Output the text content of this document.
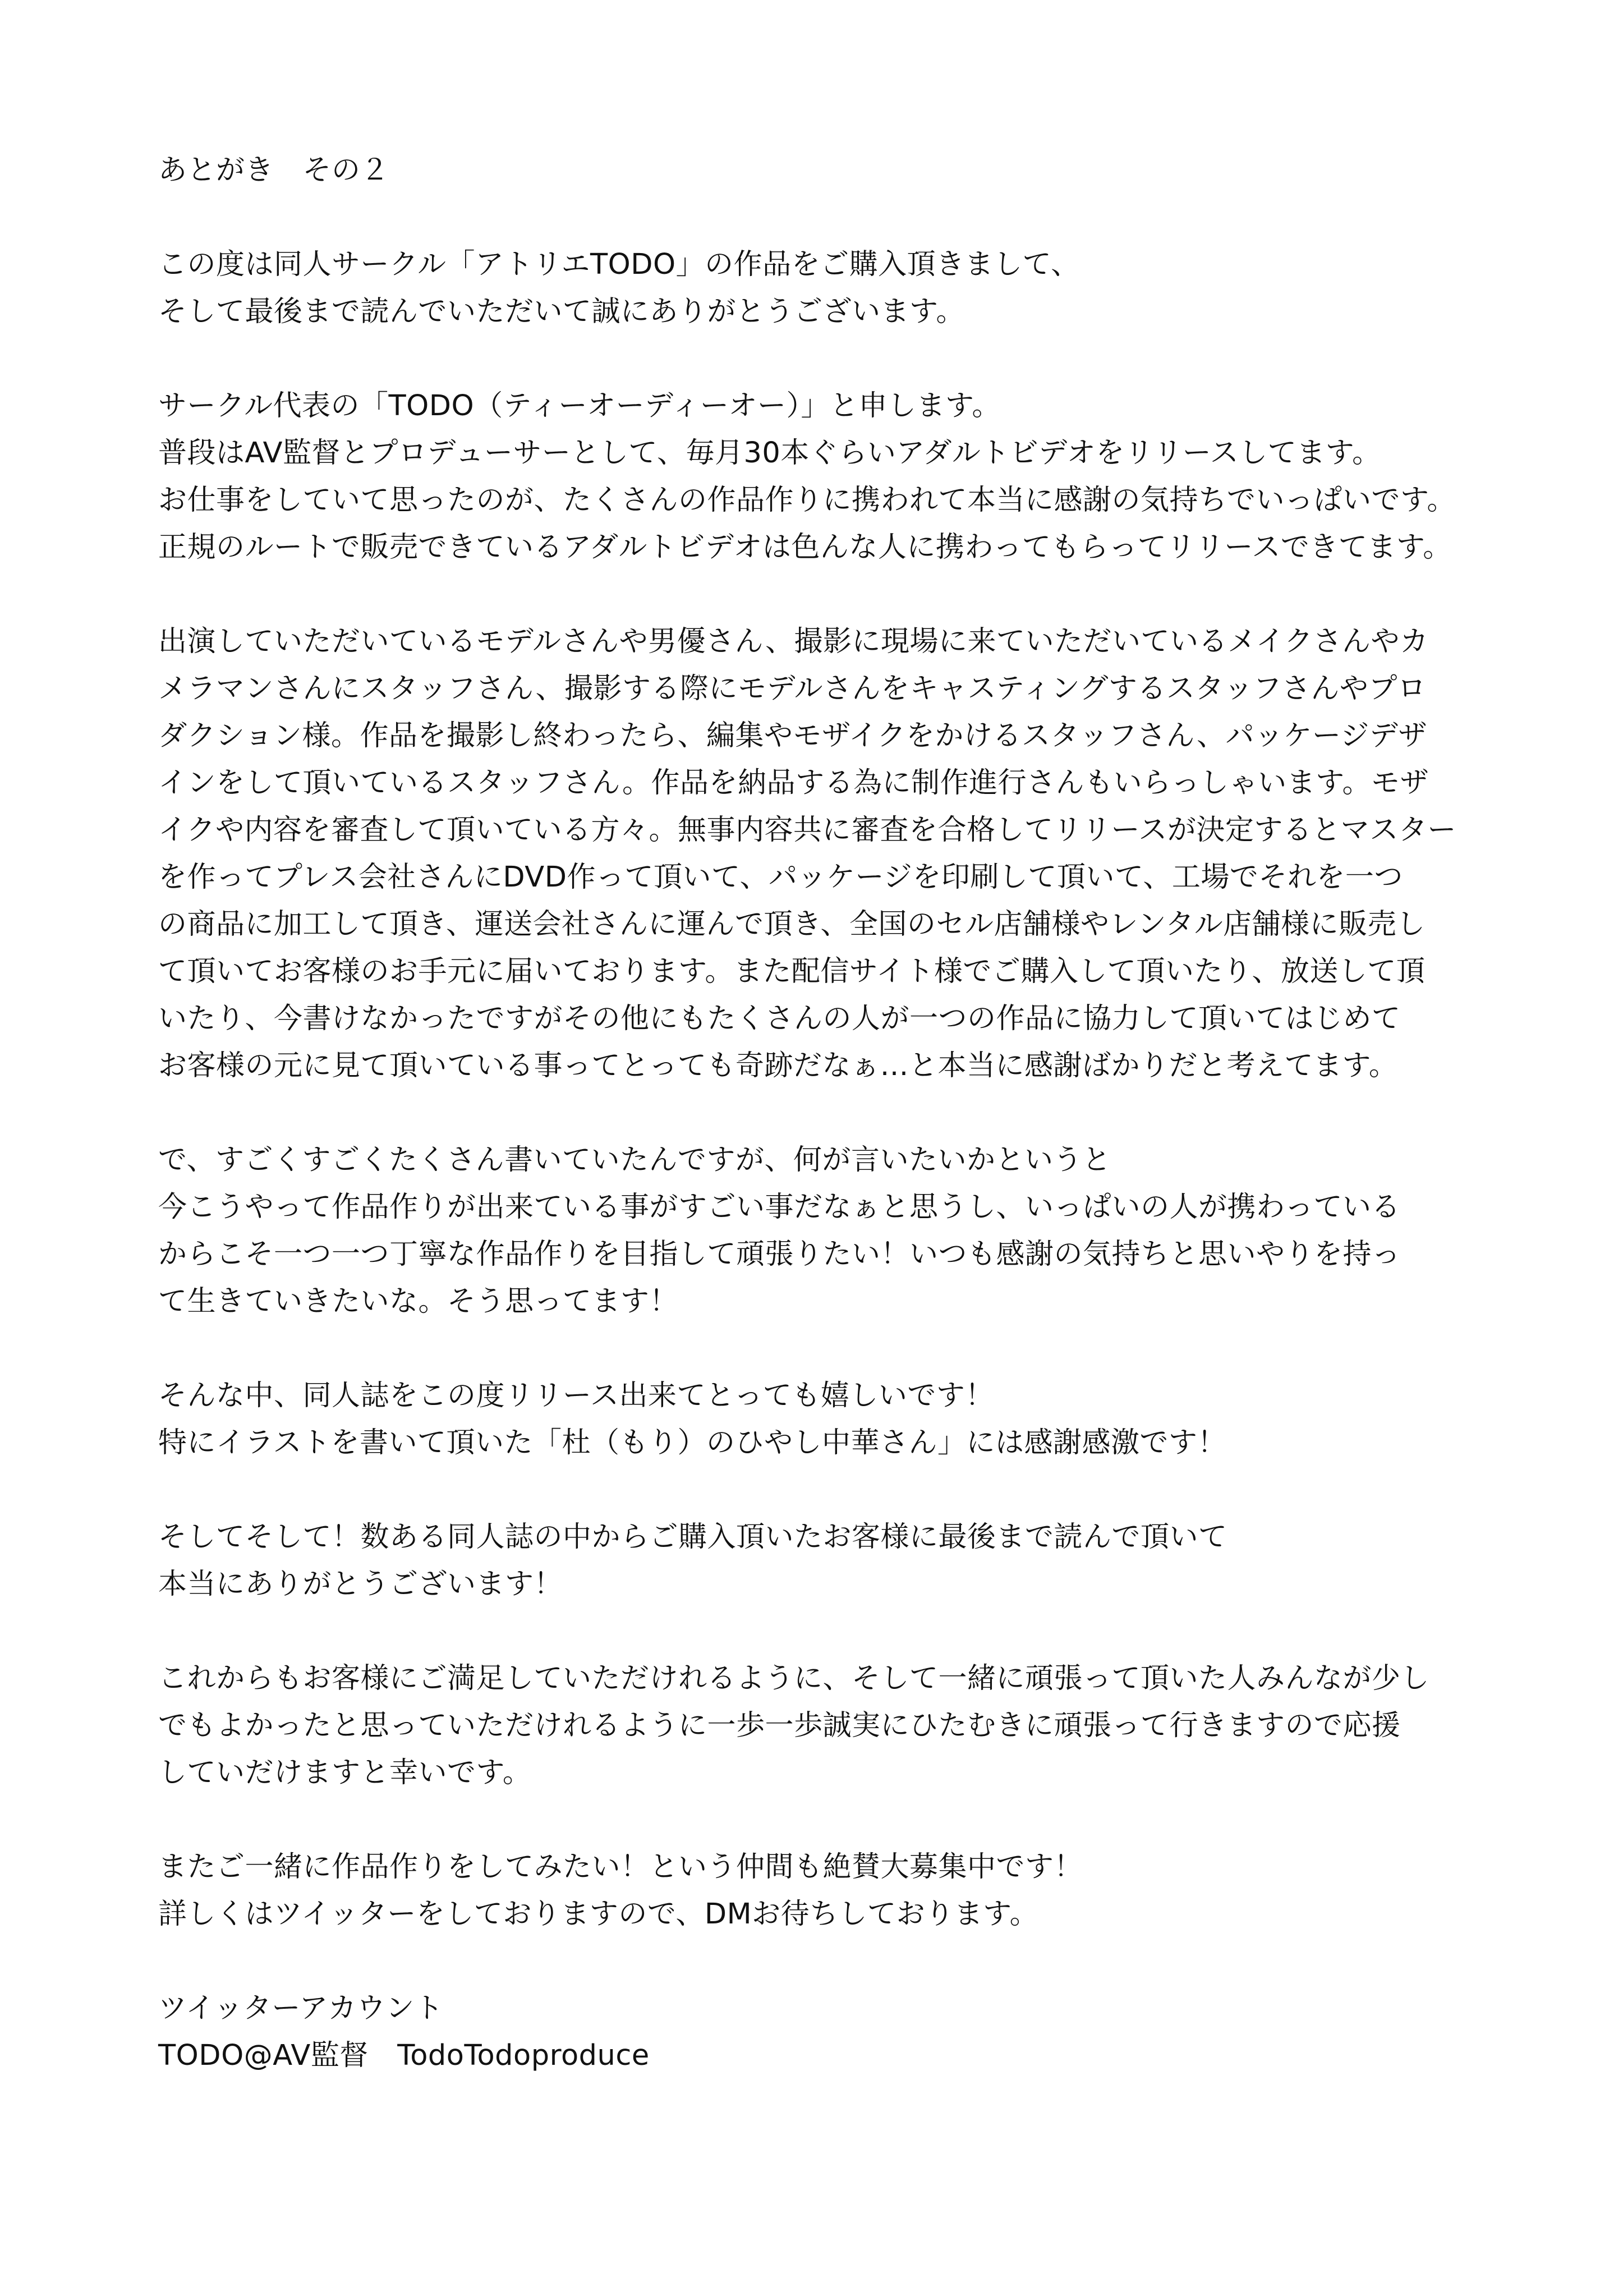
あとがき　その２
この度は同人サークル「アトリエTODO」の作品をご購入頂きまして、
そして最後まで読んでいただいて誠にありがとうございます。
サークル代表の「TODO（ティーオーディーオー）」と申します。
普段はAV監督とプロデューサーとして、毎月30本ぐらいアダルトビデオをリリースしてます。
お仕事をしていて思ったのが、たくさんの作品作りに携われて本当に感謝の気持ちでいっぱいです。
正規のルートで販売できているアダルトビデオは色んな人に携わってもらってリリースできてます。
出演していただいているモデルさんや男優さん、撮影に現場に来ていただいているメイクさんやカ
メラマンさんにスタッフさん、撮影する際にモデルさんをキャスティングするスタッフさんやプロ
ダクション様。作品を撮影し終わったら、編集やモザイクをかけるスタッフさん、パッケージデザ
インをして頂いているスタッフさん。作品を納品する為に制作進行さんもいらっしゃいます。モザ
イクや内容を審査して頂いている方々。無事内容共に審査を合格してリリースが決定するとマスター
を作ってプレス会社さんにDVD作って頂いて、パッケージを印刷して頂いて、工場でそれを一つ
の商品に加工して頂き、運送会社さんに運んで頂き、全国のセル店舗様やレンタル店舗様に販売し
て頂いてお客様のお手元に届いております。また配信サイト様でご購入して頂いたり、放送して頂
いたり、今書けなかったですがその他にもたくさんの人が一つの作品に協力して頂いてはじめて
お客様の元に見て頂いている事ってとっても奇跡だなぁ…と本当に感謝ばかりだと考えてます。
で、すごくすごくたくさん書いていたんですが、何が言いたいかというと
今こうやって作品作りが出来ている事がすごい事だなぁと思うし、いっぱいの人が携わっている
からこそ一つ一つ丁寧な作品作りを目指して頑張りたい！いつも感謝の気持ちと思いやりを持っ
て生きていきたいな。そう思ってます！
そんな中、同人誌をこの度リリース出来てとっても嬉しいです！
特にイラストを書いて頂いた「杜（もり）のひやし中華さん」には感謝感激です！
そしてそして！数ある同人誌の中からご購入頂いたお客様に最後まで読んで頂いて
本当にありがとうございます！
これからもお客様にご満足していただけれるように、そして一緒に頑張って頂いた人みんなが少し
でもよかったと思っていただけれるように一歩一歩誠実にひたむきに頑張って行きますので応援
していだけますと幸いです。
またご一緒に作品作りをしてみたい！という仲間も絶賛大募集中です！
詳しくはツイッターをしておりますので、DMお待ちしております。
ツイッターアカウント
TODO@AV監督　TodoTodoproduce
